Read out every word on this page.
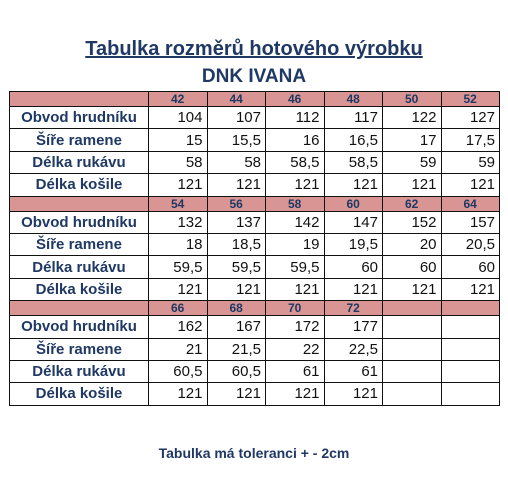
Tabulka rozměrů hotového výrobku
DNK IVANA
	42	44	46	48	50	52
Obvod hrudníku	104	107	112	117	122	127
Šíře ramene	15	15,5	16	16,5	17	17,5
Délka rukávu	58	58	58,5	58,5	59	59
Délka košile	121	121	121	121	121	121
	54	56	58	60	62	64
Obvod hrudníku	132	137	142	147	152	157
Šíře ramene	18	18,5	19	19,5	20	20,5
Délka rukávu	59,5	59,5	59,5	60	60	60
Délka košile	121	121	121	121	121	121
	66	68	70	72		
Obvod hrudníku	162	167	172	177		
Šíře ramene	21	21,5	22	22,5		
Délka rukávu	60,5	60,5	61	61		
Délka košile	121	121	121	121		
Tabulka má toleranci + - 2cm
